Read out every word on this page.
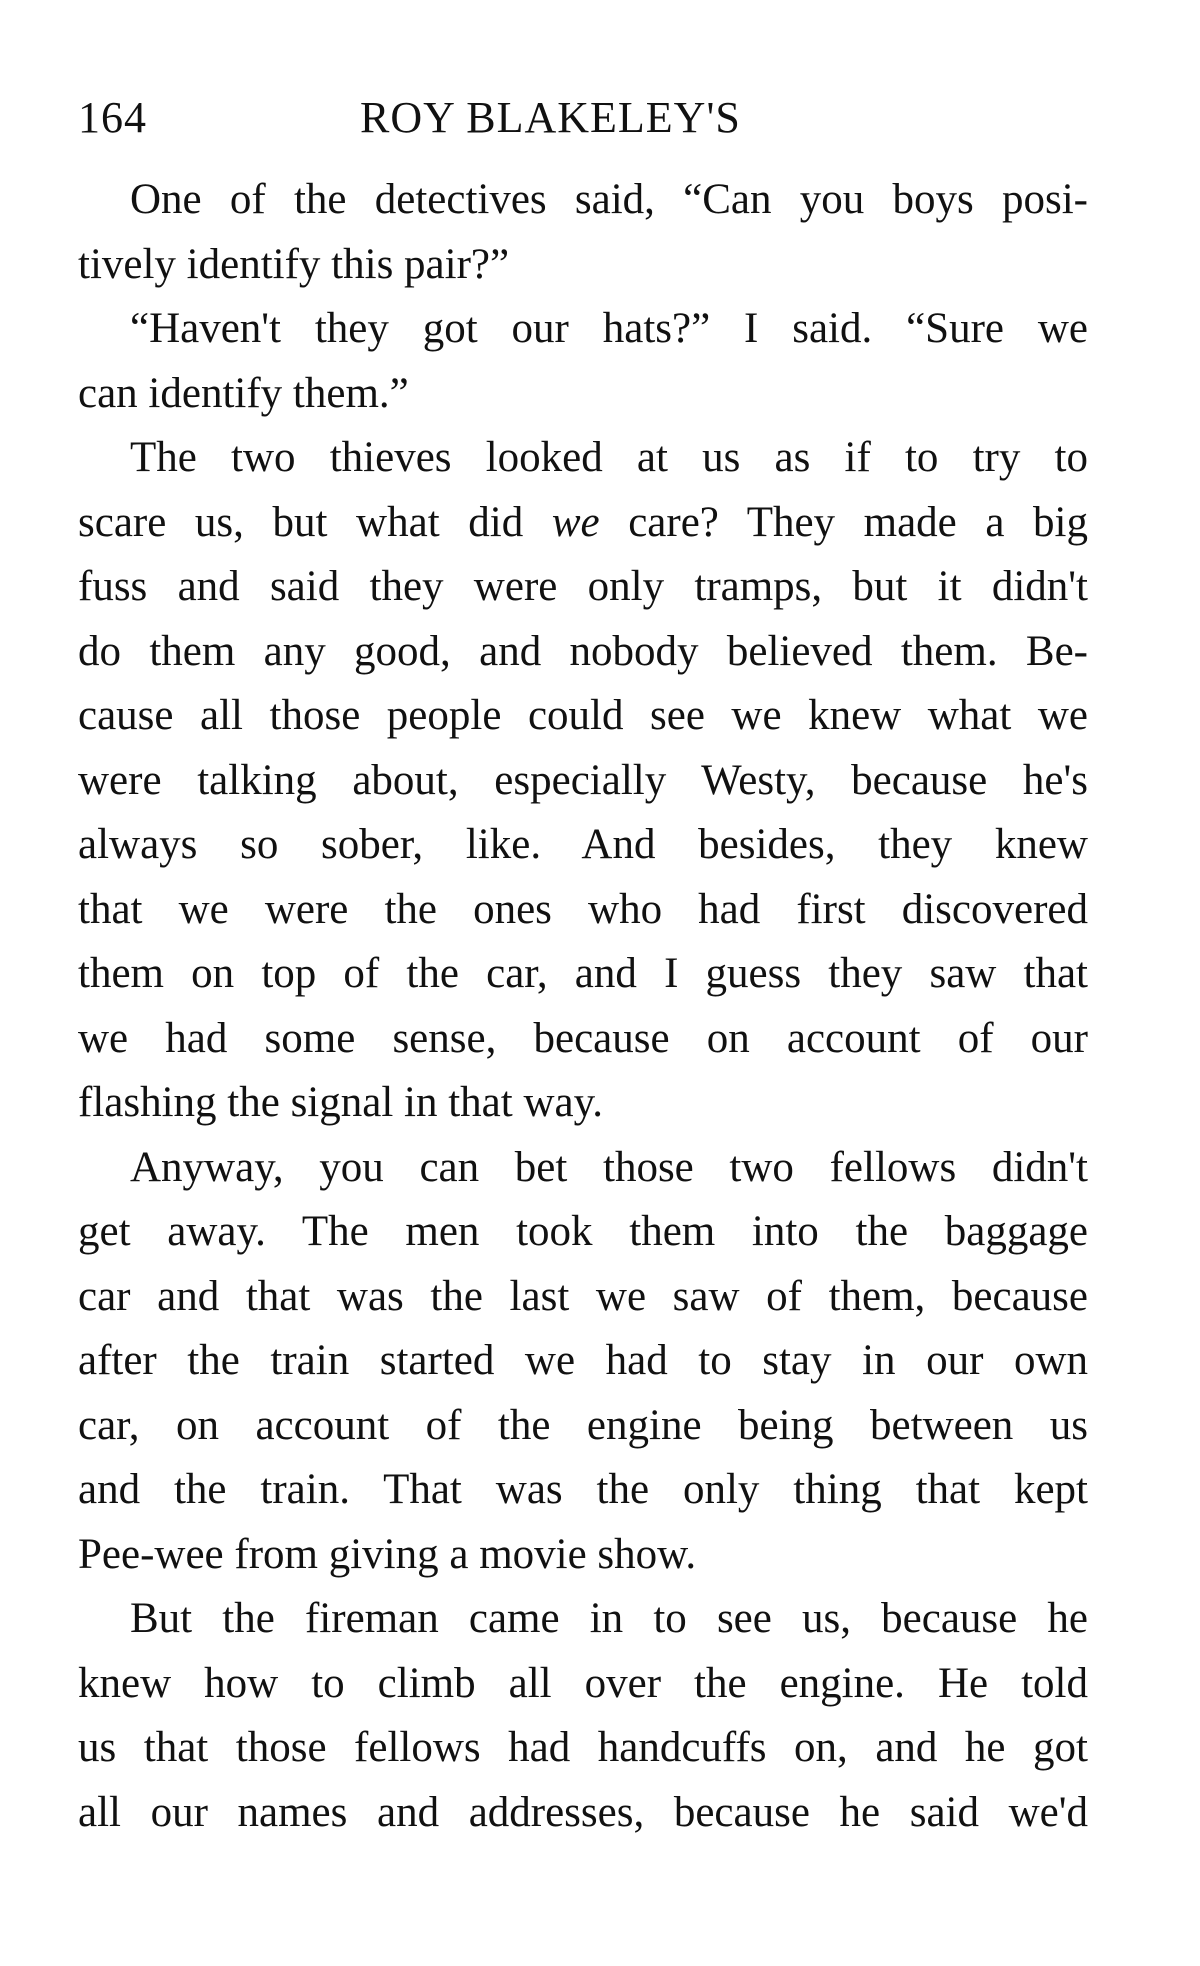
164	ROY BLAKELEY'S
One of the detectives said, “Can you boys posi-
tively identify this pair?”
“Haven't they got our hats?” I said. “Sure we
can identify them.”
The two thieves looked at us as if to try to
scare us, but what did we care? They made a big
fuss and said they were only tramps, but it didn't
do them any good, and nobody believed them. Be-
cause all those people could see we knew what we
were talking about, especially Westy, because he's
always so sober, like. And besides, they knew
that we were the ones who had first discovered
them on top of the car, and I guess they saw that
we had some sense, because on account of our
flashing the signal in that way.
Anyway, you can bet those two fellows didn't
get away. The men took them into the baggage
car and that was the last we saw of them, because
after the train started we had to stay in our own
car, on account of the engine being between us
and the train. That was the only thing that kept
Pee-wee from giving a movie show.
But the fireman came in to see us, because he
knew how to climb all over the engine. He told
us that those fellows had handcuffs on, and he got
all our names and addresses, because he said we'd
